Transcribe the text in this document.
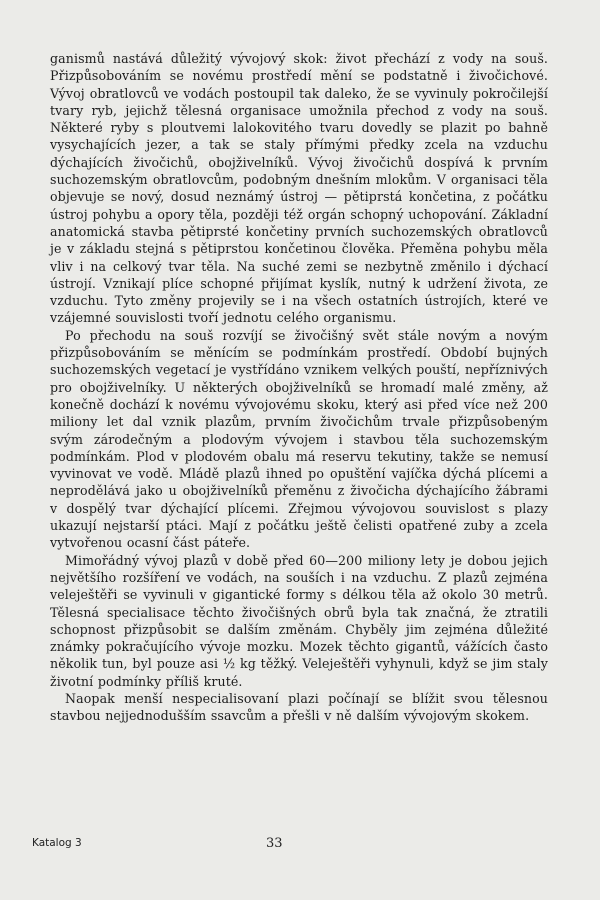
ganismů nastává důležitý vývojový skok: život přechází z vody na souš. Přizpůsobováním se novému prostředí mění se podstatně i živočichové. Vývoj obratlovců ve vodách postoupil tak daleko, že se vyvinuly pokročilejší tvary ryb, jejichž tělesná organisace umožnila přechod z vody na souš. Některé ryby s ploutvemi lalokovitého tvaru dovedly se plazit po bahně vysychajících jezer, a tak se staly přímými předky zcela na vzduchu dýchajících živočichů, obojživelníků. Vývoj živočichů dospívá k prvním suchozemským obratlovcům, podobným dnešním mlokům. V organisaci těla objevuje se nový, dosud neznámý ústroj — pětiprstá končetina, z počátku ústroj pohybu a opory těla, později též orgán schopný uchopování. Základní anatomická stavba pětiprsté končetiny prvních suchozemských obratlovců je v základu stejná s pětiprstou končetinou člověka. Přeměna pohybu měla vliv i na celkový tvar těla. Na suché zemi se nezbytně změnilo i dýchací ústrojí. Vznikají plíce schopné přijímat kyslík, nutný k udržení života, ze vzduchu. Tyto změny projevily se i na všech ostatních ústrojích, které ve vzájemné souvislosti tvoří jednotu celého organismu.

Po přechodu na souš rozvíjí se živočišný svět stále novým a novým přizpůsobováním se měnícím se podmínkám prostředí. Období bujných suchozemských vegetací je vystřídáno vznikem velkých pouští, nepříznivých pro obojživelníky. U některých obojživelníků se hromadí malé změny, až konečně dochází k novému vývojovému skoku, který asi před více než 200 miliony let dal vznik plazům, prvním živočichům trvale přizpůsobeným svým zárodečným a plodovým vývojem i stavbou těla suchozemským podmínkám. Plod v plodovém obalu má reservu tekutiny, takže se nemusí vyvinovat ve vodě. Mládě plazů ihned po opuštění vajíčka dýchá plícemi a neprodělává jako u obojživelníků přeměnu z živočicha dýchajícího žábrami v dospělý tvar dýchající plícemi. Zřejmou vývojovou souvislost s plazy ukazují nejstarší ptáci. Mají z počátku ještě čelisti opatřené zuby a zcela vytvořenou ocasní část páteře.

Mimořádný vývoj plazů v době před 60—200 miliony lety je dobou jejich největšího rozšíření ve vodách, na souších i na vzduchu. Z plazů zejména veleještěři se vyvinuli v gigantické formy s délkou těla až okolo 30 metrů. Tělesná specialisace těchto živočišných obrů byla tak značná, že ztratili schopnost přizpůsobit se dalším změnám. Chyběly jim zejména důležité známky pokračujícího vývoje mozku. Mozek těchto gigantů, vážících často několik tun, byl pouze asi ½ kg těžký. Veleještěři vyhynuli, když se jim staly životní podmínky příliš kruté.

Naopak menší nespecialisovaní plazi počínají se blížit svou tělesnou stavbou nejjednodušším ssavcům a přešli v ně dalším vývojovým skokem.

Katalog 3	33
